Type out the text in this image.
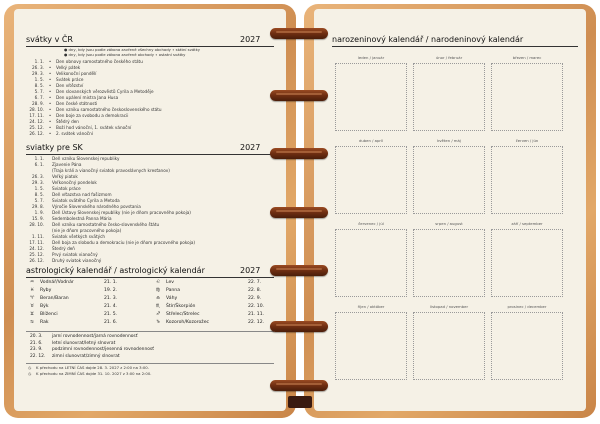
svátky v ČR	2027
● dny, kdy jsou podle zákona zavřené všechny obchody ∙ státní svátky
● dny, kdy jsou podle zákona zavřené obchody ∙ ostatní svátky
1. 1. • Den obnovy samostatného českého státu
26. 3. • Velký pátek
29. 3. • Velikonoční pondělí
1. 5. • Svátek práce
8. 5. • Den vítězství
5. 7. • Den slovanských věrozvěstů Cyrila a Metoděje
6. 7. • Den upálení mistra Jana Husa
28. 9. • Den české státnosti
28. 10. • Den vzniku samostatného československého státu
17. 11. • Den boje za svobodu a demokracii
24. 12. • Štědrý den
25. 12. • Boží hod vánoční, 1. svátek vánoční
26. 12. • 2. svátek vánoční
sviatky pre SK	2027
1. 1. Deň vzniku Slovenskej republiky
6. 1. Zjavenie Pána
(Traja králi a vianočný sviatok pravoslávnych kresťanov)
26. 3. Veľký piatok
29. 3. Veľkonočný pondelok
1. 5. Sviatok práce
8. 5. Deň víťazstva nad fašizmom
5. 7. Sviatok svätého Cyrila a Metoda
29. 8. Výročie Slovenského národného povstania
1. 9. Deň Ústavy Slovenskej republiky (nie je dňom pracovného pokoja)
15. 9. Sedembolestná Panna Mária
28. 10. Deň vzniku samostatného česko-slovenského štátu
(nie je dňom pracovného pokoja)
1. 11. Sviatok všetkých svätých
17. 11. Deň boja za slobodu a demokraciu (nie je dňom pracovného pokoja)
24. 12. Štedrý deň
25. 12. Prvý sviatok vianočný
26. 12. Druhý sviatok vianočný
astrologický kalendář / astrologický kalendár	2027
♒ Vodnář/Vodnár	21. 1.
♓ Ryby	19. 2.
♈ Beran/Baran	21. 3.
♉ Býk	21. 4.
♊ Blíženci	21. 5.
♋ Rak	21. 6.
♌ Lev	22. 7.
♍ Panna	22. 8.
♎ Váhy	22. 9.
♏ Štír/Škorpión	22. 10.
♐ Střelec/Strelec	21. 11.
♑ Kozoroh/Kozorožec	22. 12.
20. 3. jarní rovnodennost/jarná rovnodennosť
21. 6. letní slunovrat/letný slnovrat
23. 9. podzimní rovnodennost/jesenná rovnodennosť
22. 12. zimní slunovrat/zimný slnovrat
◷ K přechodu na LETNÍ ČAS dojde 28. 3. 2027 z 2:00 na 3:00.
◷ K přechodu na ZIMNÍ ČAS dojde 31. 10. 2027 z 3:00 na 2:00.
narozeninový kalendář / narodeninový kalendár
leden / január	únor / február	březen / marec
duben / apríl	květen / máj	červen / jún
červenec / júl	srpen / august	září / september
říjen / október	listopad / november	prosinec / december
